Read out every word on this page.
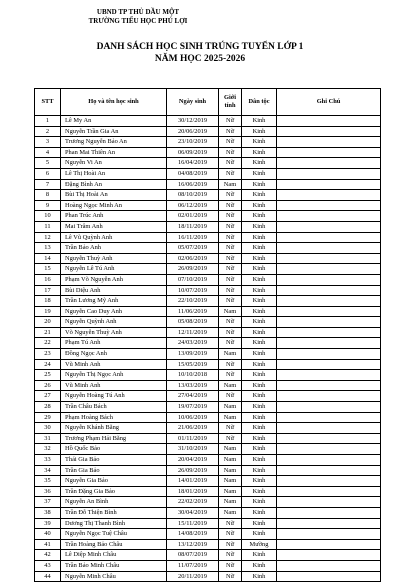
UBND TP THỦ DẦU MỘT
TRƯỜNG TIỂU HỌC PHÚ LỢI
DANH SÁCH HỌC SINH TRÚNG TUYỂN LỚP 1
NĂM HỌC 2025-2026
STT	Họ và tên học sinh	Ngày sinh	Giới tính	Dân tộc	Ghi Chú
1	Lê My An	30/12/2019	Nữ	Kinh	
2	Nguyễn Trần Gia An	20/06/2019	Nữ	Kinh	
3	Trương Nguyễn Bảo An	23/10/2019	Nữ	Kinh	
4	Phan Mai Thiên An	06/09/2019	Nữ	Kinh	
5	Nguyễn Vi An	16/04/2019	Nữ	Kinh	
6	Lê Thị Hoài An	04/08/2019	Nữ	Kinh	
7	Đặng Bình An	16/06/2019	Nam	Kinh	
8	Bùi Thị Hoài An	08/10/2019	Nữ	Kinh	
9	Hoàng Ngọc Minh An	06/12/2019	Nữ	Kinh	
10	Phan Trúc Anh	02/01/2019	Nữ	Kinh	
11	Mai Trâm Anh	18/11/2019	Nữ	Kinh	
12	Lê Vũ Quỳnh Anh	16/11/2019	Nữ	Kinh	
13	Trần Bảo Anh	05/07/2019	Nữ	Kinh	
14	Nguyễn Thuỳ Anh	02/06/2019	Nữ	Kinh	
15	Nguyễn Lê Tú Anh	26/09/2019	Nữ	Kinh	
16	Phạm Võ Nguyễn Anh	07/10/2019	Nữ	Kinh	
17	Bùi Diệu Anh	10/07/2019	Nữ	Kinh	
18	Trần Lương Mỹ Anh	22/10/2019	Nữ	Kinh	
19	Nguyễn Cao Duy Anh	11/06/2019	Nam	Kinh	
20	Nguyễn Quỳnh Anh	05/08/2019	Nữ	Kinh	
21	Võ Nguyễn Thuỳ Anh	12/11/2019	Nữ	Kinh	
22	Phạm Tú Anh	24/03/2019	Nữ	Kinh	
23	Đồng Ngọc Anh	13/09/2019	Nam	Kinh	
24	Vũ Minh Anh	15/05/2019	Nữ	Kinh	
25	Nguyễn Thị Ngọc Anh	10/10/2018	Nữ	Kinh	
26	Vũ Minh Anh	13/03/2019	Nam	Kinh	
27	Nguyễn Hoàng Tú Anh	27/04/2019	Nữ	Kinh	
28	Trần Châu Bách	19/07/2019	Nam	Kinh	
29	Phạm Hoàng Bách	10/06/2019	Nam	Kinh	
30	Nguyễn Khánh Băng	21/06/2019	Nữ	Kinh	
31	Trương Phạm Hải Băng	01/11/2019	Nữ	Kinh	
32	Hồ Quốc Bảo	31/10/2019	Nam	Kinh	
33	Thái Gia Bảo	20/04/2019	Nam	Kinh	
34	Trần Gia Bảo	26/09/2019	Nam	Kinh	
35	Nguyễn Gia Bảo	14/01/2019	Nam	Kinh	
36	Trần Đặng Gia Bảo	18/01/2019	Nam	Kinh	
37	Nguyễn An Bình	22/02/2019	Nam	Kinh	
38	Trần Đỗ Thiện Bình	30/04/2019	Nam	Kinh	
39	Dương Thị Thanh Bình	15/11/2019	Nữ	Kinh	
40	Nguyễn Ngọc Tuệ Châu	14/08/2019	Nữ	Kinh	
41	Trần Hoàng Bảo Châu	13/12/2019	Nữ	Mường	
42	Lê Diệp Minh Châu	08/07/2019	Nữ	Kinh	
43	Trần Bảo Minh Châu	11/07/2019	Nữ	Kinh	
44	Nguyễn Minh Châu	20/11/2019	Nữ	Kinh	
